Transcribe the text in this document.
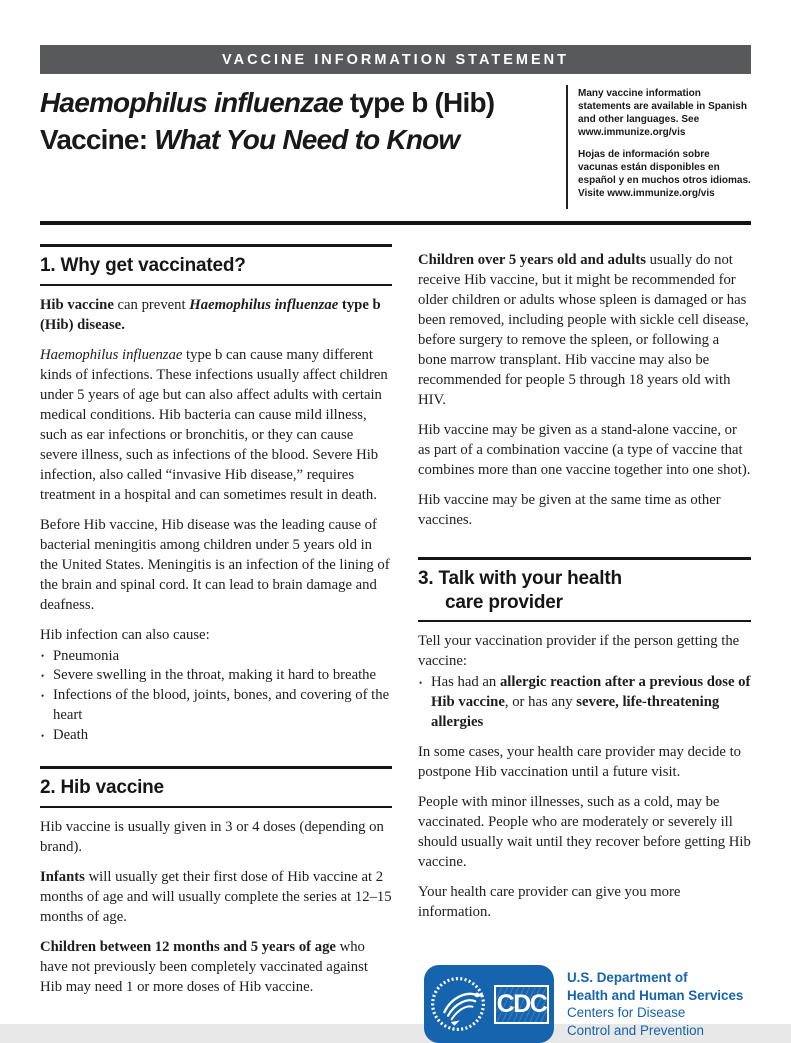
VACCINE INFORMATION STATEMENT
Haemophilus influenzae type b (Hib) Vaccine: What You Need to Know

Many vaccine information statements are available in Spanish and other languages. See www.immunize.org/vis

Hojas de información sobre vacunas están disponibles en español y en muchos otros idiomas. Visite www.immunize.org/vis

1. Why get vaccinated?

Hib vaccine can prevent Haemophilus influenzae type b (Hib) disease.

Haemophilus influenzae type b can cause many different kinds of infections. These infections usually affect children under 5 years of age but can also affect adults with certain medical conditions. Hib bacteria can cause mild illness, such as ear infections or bronchitis, or they can cause severe illness, such as infections of the blood. Severe Hib infection, also called “invasive Hib disease,” requires treatment in a hospital and can sometimes result in death.

Before Hib vaccine, Hib disease was the leading cause of bacterial meningitis among children under 5 years old in the United States. Meningitis is an infection of the lining of the brain and spinal cord. It can lead to brain damage and deafness.

Hib infection can also cause:

• Pneumonia
• Severe swelling in the throat, making it hard to breathe
• Infections of the blood, joints, bones, and covering of the heart
• Death
2. Hib vaccine

Hib vaccine is usually given in 3 or 4 doses (depending on brand).

Infants will usually get their first dose of Hib vaccine at 2 months of age and will usually complete the series at 12–15 months of age.

Children between 12 months and 5 years of age who have not previously been completely vaccinated against Hib may need 1 or more doses of Hib vaccine.

Children over 5 years old and adults usually do not receive Hib vaccine, but it might be recommended for older children or adults whose spleen is damaged or has been removed, including people with sickle cell disease, before surgery to remove the spleen, or following a bone marrow transplant. Hib vaccine may also be recommended for people 5 through 18 years old with HIV.

Hib vaccine may be given as a stand-alone vaccine, or as part of a combination vaccine (a type of vaccine that combines more than one vaccine together into one shot).

Hib vaccine may be given at the same time as other vaccines.

3. Talk with your health
care provider

Tell your vaccination provider if the person getting the vaccine:

• Has had an allergic reaction after a previous dose of Hib vaccine, or has any severe, life-threatening allergies

In some cases, your health care provider may decide to postpone Hib vaccination until a future visit.

People with minor illnesses, such as a cold, may be vaccinated. People who are moderately or severely ill should usually wait until they recover before getting Hib vaccine.

Your health care provider can give you more information.

CDC
U.S. Department of
Health and Human Services
Centers for Disease
Control and Prevention
